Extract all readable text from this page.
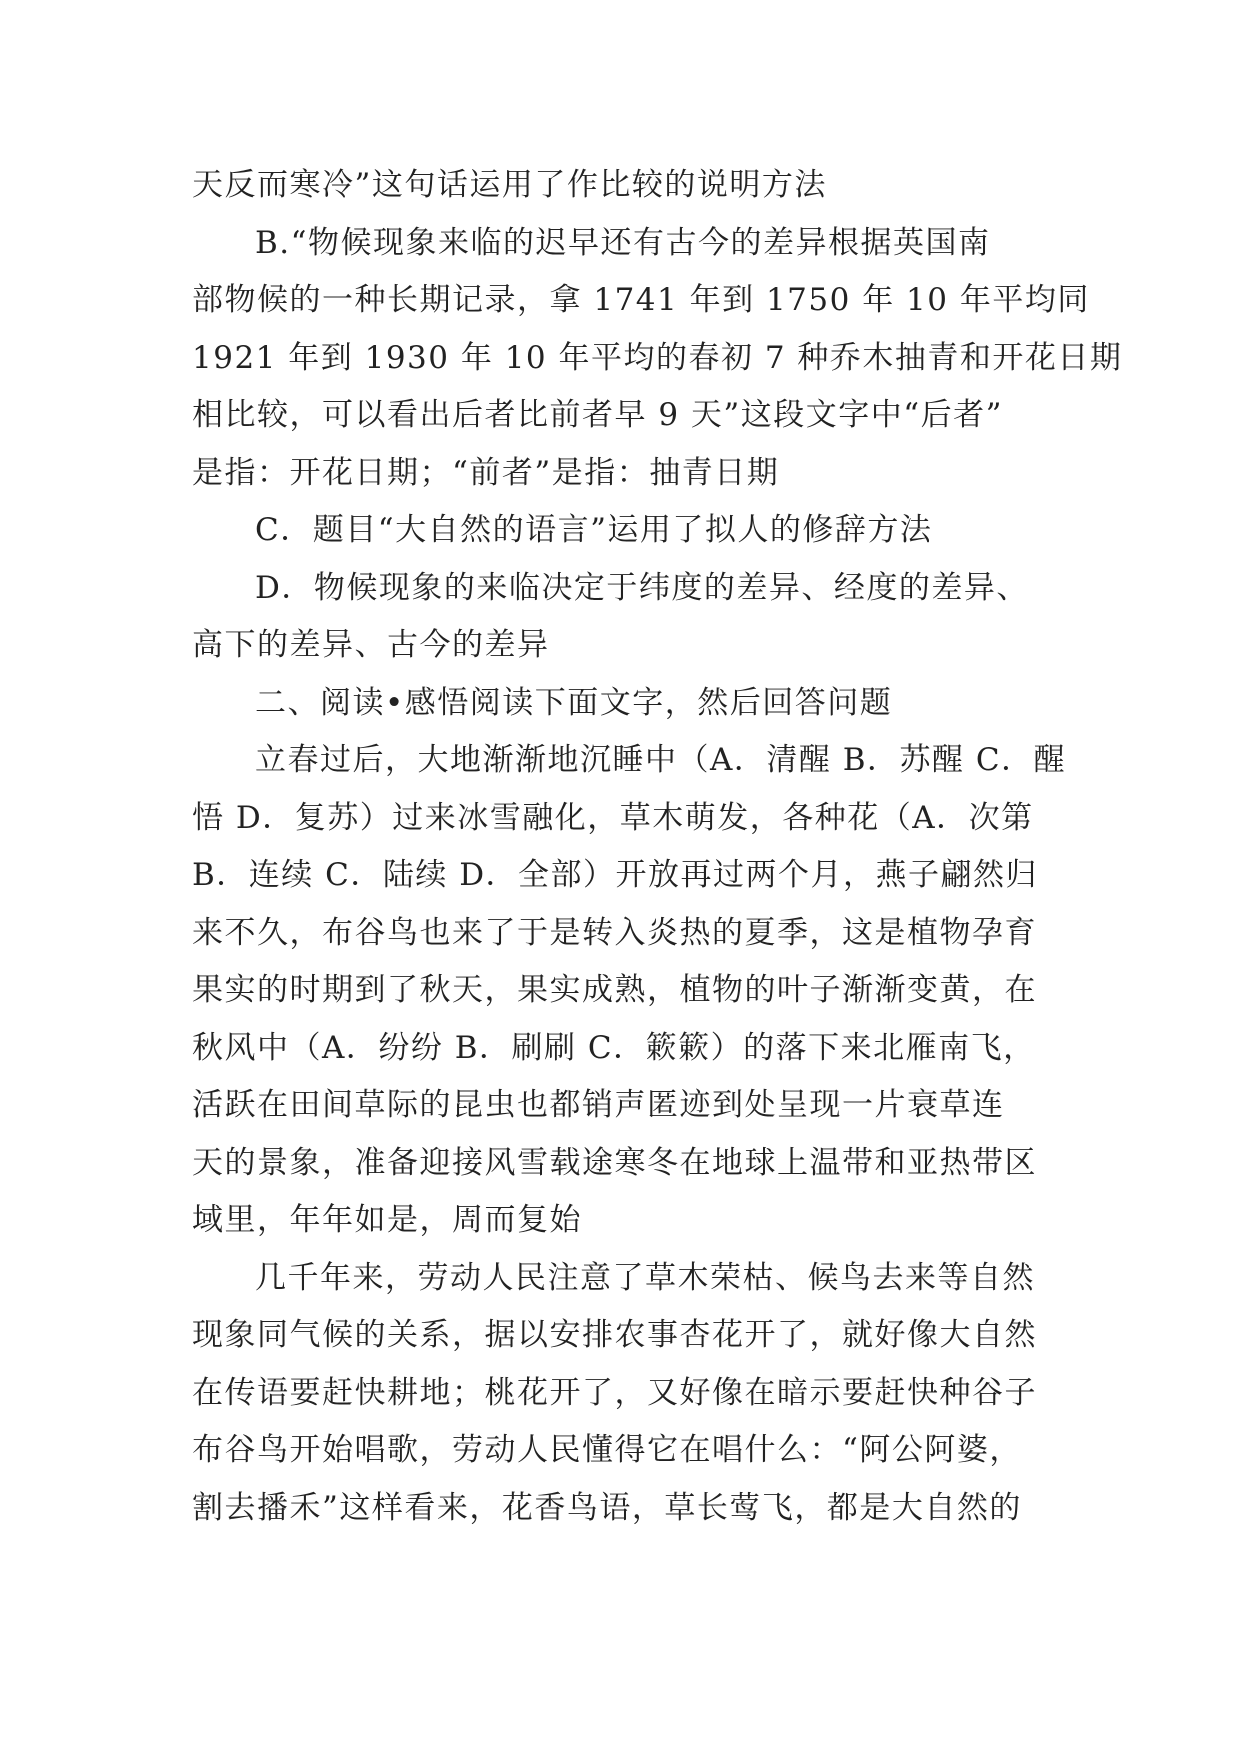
天反而寒冷”这句话运用了作比较的说明方法
B.“物候现象来临的迟早还有古今的差异根据英国南
部物候的一种长期记录，拿 1741 年到 1750 年 10 年平均同
1921 年到 1930 年 10 年平均的春初 7 种乔木抽青和开花日期
相比较，可以看出后者比前者早 9 天”这段文字中“后者”
是指：开花日期；“前者”是指：抽青日期
C．题目“大自然的语言”运用了拟人的修辞方法
D．物候现象的来临决定于纬度的差异、经度的差异、
高下的差异、古今的差异
二、阅读•感悟阅读下面文字，然后回答问题
立春过后，大地渐渐地沉睡中（A．清醒 B．苏醒 C．醒
悟 D．复苏）过来冰雪融化，草木萌发，各种花（A．次第
B．连续 C．陆续 D．全部）开放再过两个月，燕子翩然归
来不久，布谷鸟也来了于是转入炎热的夏季，这是植物孕育
果实的时期到了秋天，果实成熟，植物的叶子渐渐变黄，在
秋风中（A．纷纷 B．刷刷 C．簌簌）的落下来北雁南飞，
活跃在田间草际的昆虫也都销声匿迹到处呈现一片衰草连
天的景象，准备迎接风雪载途寒冬在地球上温带和亚热带区
域里，年年如是，周而复始
几千年来，劳动人民注意了草木荣枯、候鸟去来等自然
现象同气候的关系，据以安排农事杏花开了，就好像大自然
在传语要赶快耕地；桃花开了，又好像在暗示要赶快种谷子
布谷鸟开始唱歌，劳动人民懂得它在唱什么：“阿公阿婆，
割去播禾”这样看来，花香鸟语，草长莺飞，都是大自然的
